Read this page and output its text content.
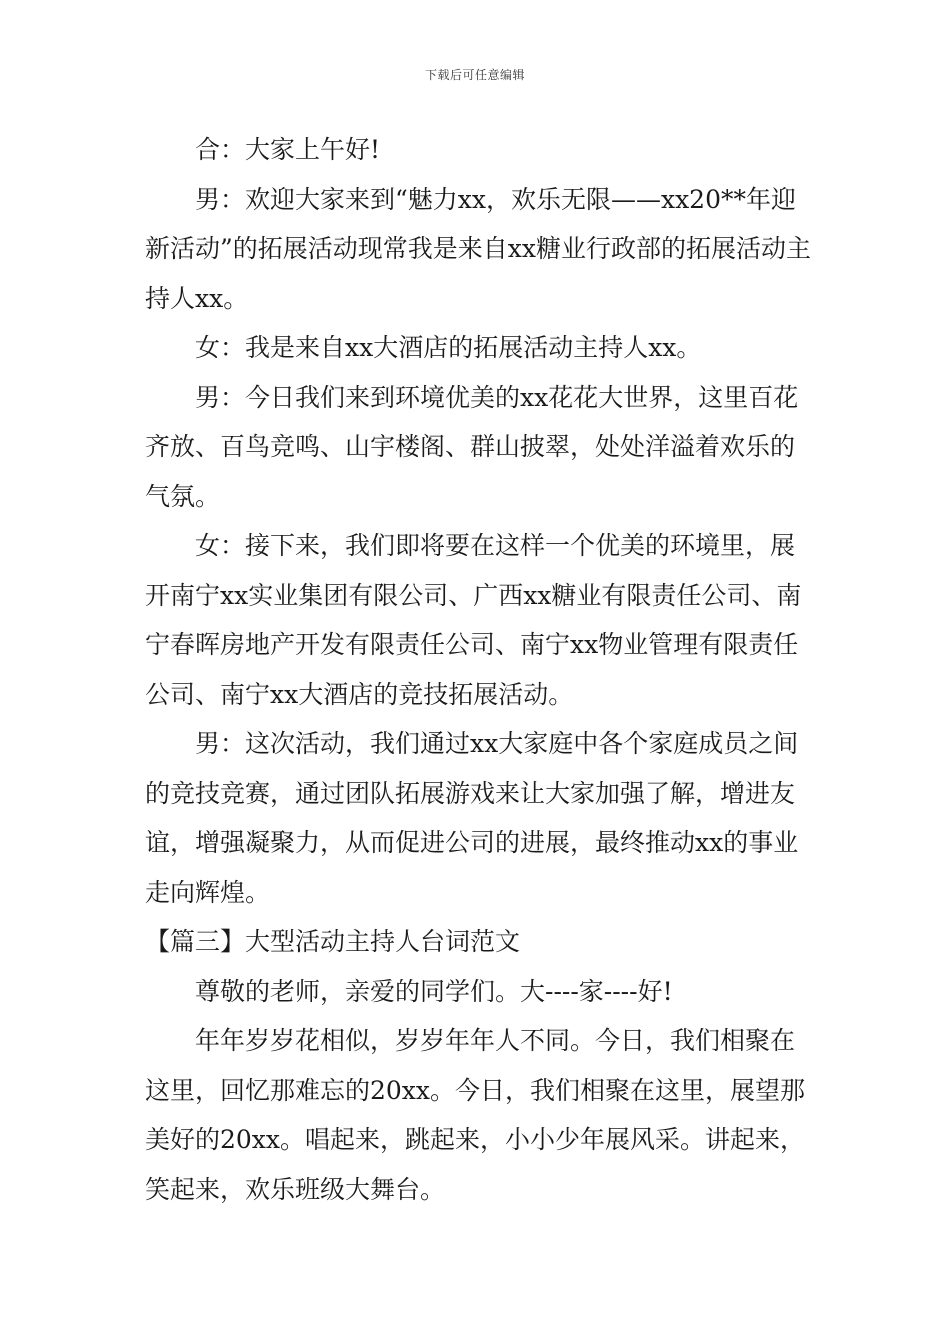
下载后可任意编辑

合：大家上午好!

男：欢迎大家来到“魅力xx，欢乐无限——xx20**年迎新活动”的拓展活动现常我是来自xx糖业行政部的拓展活动主持人xx。

女：我是来自xx大酒店的拓展活动主持人xx。

男：今日我们来到环境优美的xx花花大世界，这里百花齐放、百鸟竞鸣、山宇楼阁、群山披翠，处处洋溢着欢乐的气氛。

女：接下来，我们即将要在这样一个优美的环境里，展开南宁xx实业集团有限公司、广西xx糖业有限责任公司、南宁春晖房地产开发有限责任公司、南宁xx物业管理有限责任公司、南宁xx大酒店的竞技拓展活动。

男：这次活动，我们通过xx大家庭中各个家庭成员之间的竞技竞赛，通过团队拓展游戏来让大家加强了解，增进友谊，增强凝聚力，从而促进公司的进展，最终推动xx的事业走向辉煌。

【篇三】大型活动主持人台词范文

尊敬的老师，亲爱的同学们。大----家----好!

年年岁岁花相似，岁岁年年人不同。今日，我们相聚在这里，回忆那难忘的20xx。今日，我们相聚在这里，展望那美好的20xx。唱起来，跳起来，小小少年展风采。讲起来，笑起来，欢乐班级大舞台。
